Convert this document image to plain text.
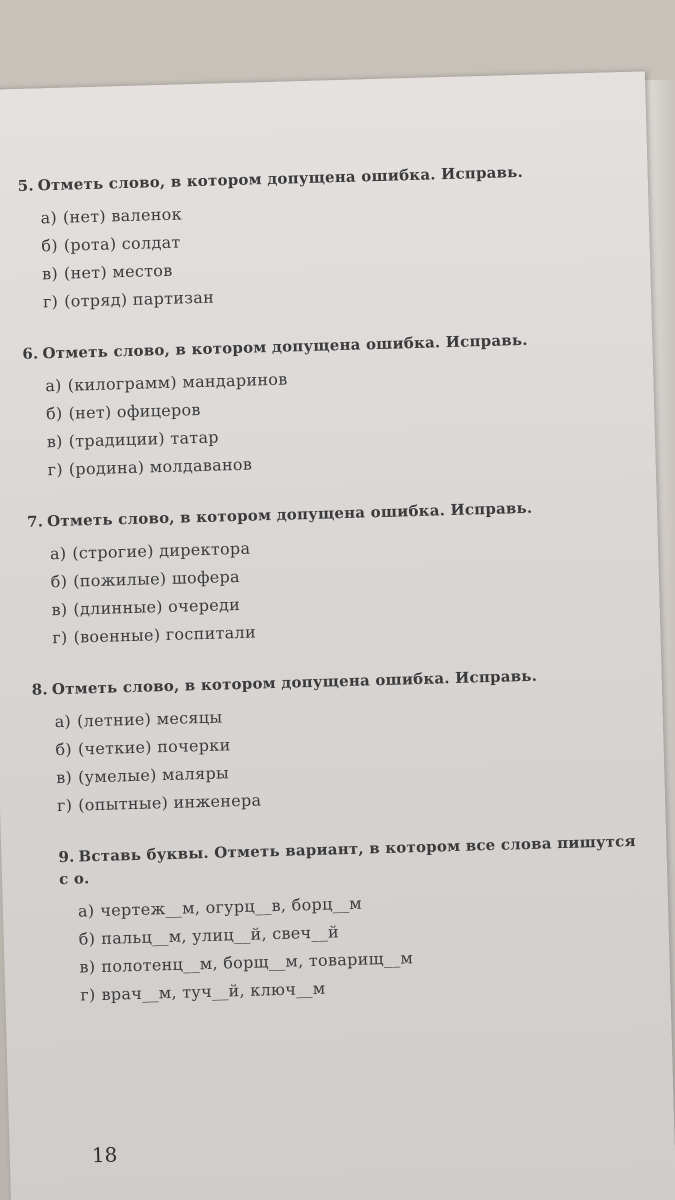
5. Отметь слово, в котором допущена ошибка. Исправь.

а) (нет) валенок
б) (рота) солдат
в) (нет) местов
г) (отряд) партизан

6. Отметь слово, в котором допущена ошибка. Исправь.

а) (килограмм) мандаринов
б) (нет) офицеров
в) (традиции) татар
г) (родина) молдаванов

7. Отметь слово, в котором допущена ошибка. Исправь.

а) (строгие) директора
б) (пожилые) шофера
в) (длинные) очереди
г) (военные) госпитали

8. Отметь слово, в котором допущена ошибка. Исправь.

а) (летние) месяцы
б) (четкие) почерки
в) (умелые) маляры
г) (опытные) инженера

9. Вставь буквы. Отметь вариант, в котором все слова пишутся с о.

а) чертеж__м, огурц__в, борц__м
б) пальц__м, улиц__й, свеч__й
в) полотенц__м, борщ__м, товарищ__м
г) врач__м, туч__й, ключ__м
18
